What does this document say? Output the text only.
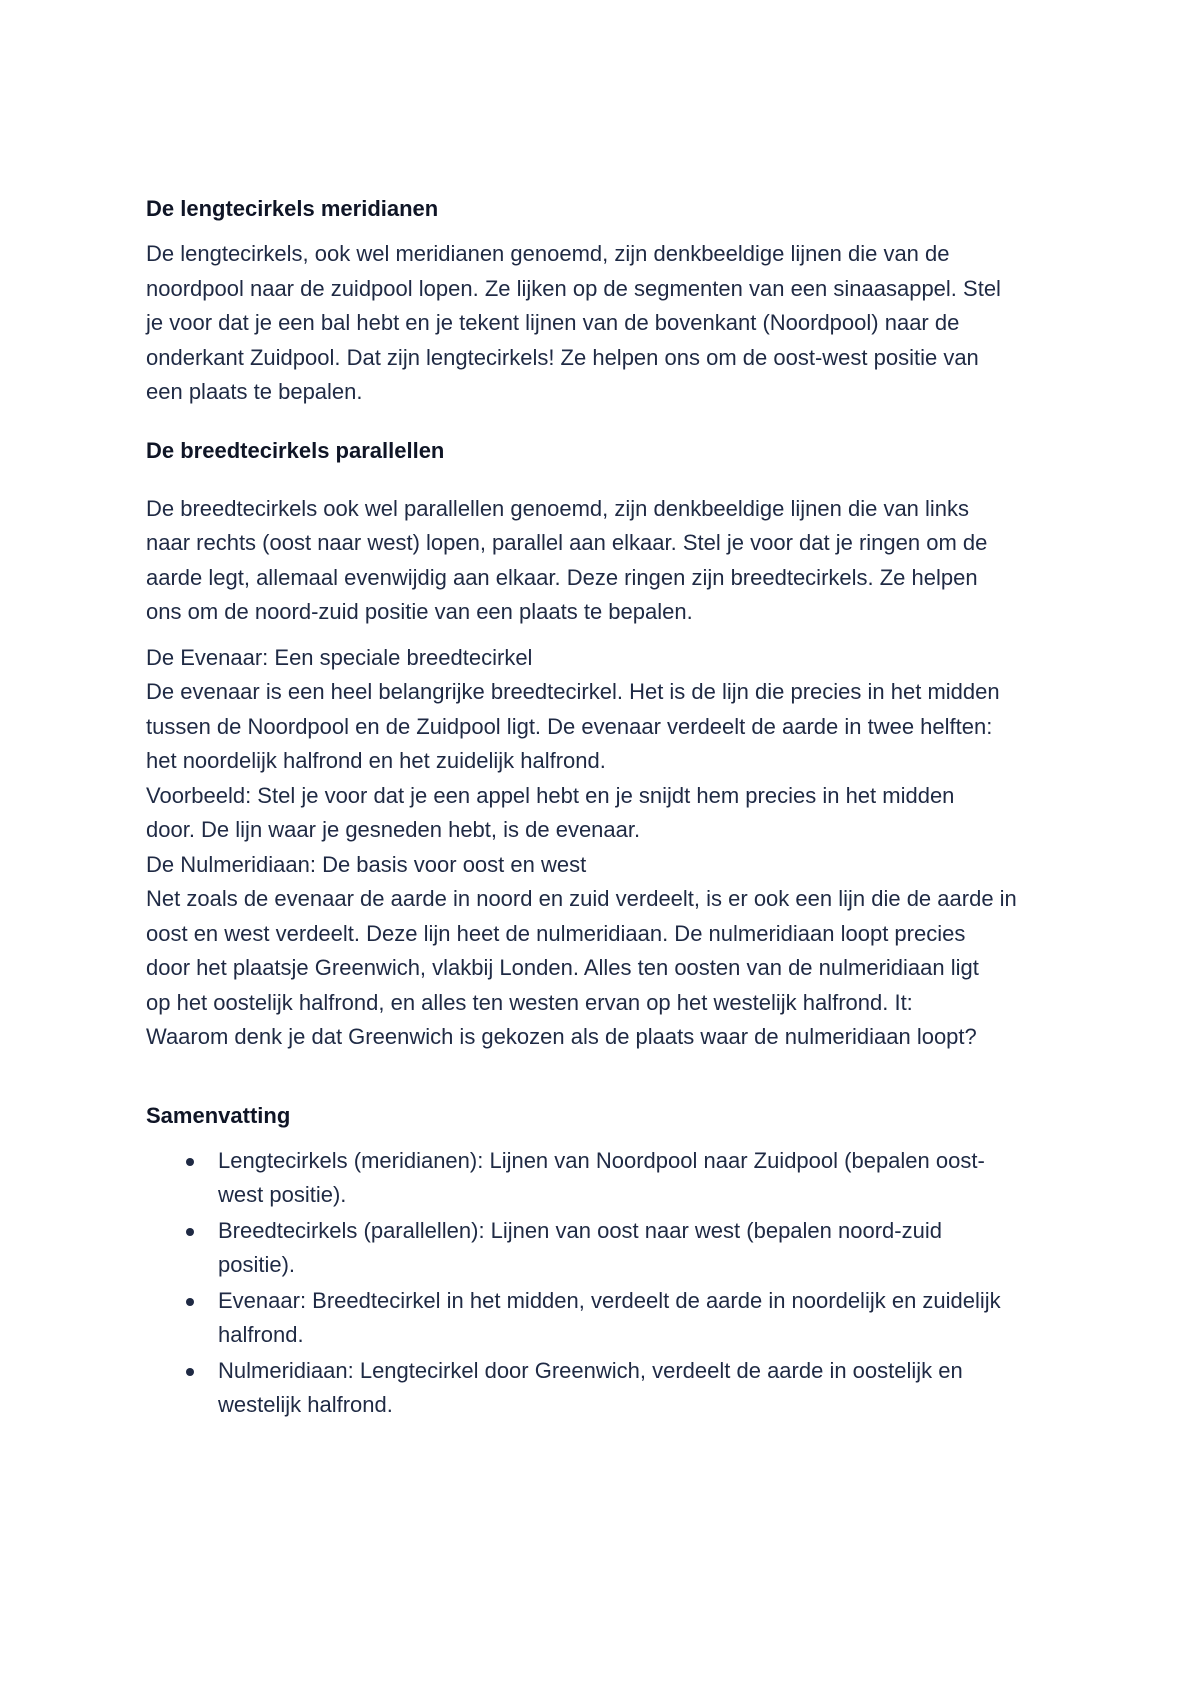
De lengtecirkels meridianen

De lengtecirkels, ook wel meridianen genoemd, zijn denkbeeldige lijnen die van de
noordpool naar de zuidpool lopen. Ze lijken op de segmenten van een sinaasappel. Stel
je voor dat je een bal hebt en je tekent lijnen van de bovenkant (Noordpool) naar de
onderkant Zuidpool. Dat zijn lengtecirkels! Ze helpen ons om de oost-west positie van
een plaats te bepalen.

De breedtecirkels parallellen

De breedtecirkels ook wel parallellen genoemd, zijn denkbeeldige lijnen die van links
naar rechts (oost naar west) lopen, parallel aan elkaar. Stel je voor dat je ringen om de
aarde legt, allemaal evenwijdig aan elkaar. Deze ringen zijn breedtecirkels. Ze helpen
ons om de noord-zuid positie van een plaats te bepalen.

De Evenaar: Een speciale breedtecirkel
De evenaar is een heel belangrijke breedtecirkel. Het is de lijn die precies in het midden
tussen de Noordpool en de Zuidpool ligt. De evenaar verdeelt de aarde in twee helften:
het noordelijk halfrond en het zuidelijk halfrond.
Voorbeeld: Stel je voor dat je een appel hebt en je snijdt hem precies in het midden
door. De lijn waar je gesneden hebt, is de evenaar.
De Nulmeridiaan: De basis voor oost en west
Net zoals de evenaar de aarde in noord en zuid verdeelt, is er ook een lijn die de aarde in
oost en west verdeelt. Deze lijn heet de nulmeridiaan. De nulmeridiaan loopt precies
door het plaatsje Greenwich, vlakbij Londen. Alles ten oosten van de nulmeridiaan ligt
op het oostelijk halfrond, en alles ten westen ervan op het westelijk halfrond. It:
Waarom denk je dat Greenwich is gekozen als de plaats waar de nulmeridiaan loopt?

Samenvatting

Lengtecirkels (meridianen): Lijnen van Noordpool naar Zuidpool (bepalen oost-
west positie).
Breedtecirkels (parallellen): Lijnen van oost naar west (bepalen noord-zuid
positie).
Evenaar: Breedtecirkel in het midden, verdeelt de aarde in noordelijk en zuidelijk
halfrond.
Nulmeridiaan: Lengtecirkel door Greenwich, verdeelt de aarde in oostelijk en
westelijk halfrond.
